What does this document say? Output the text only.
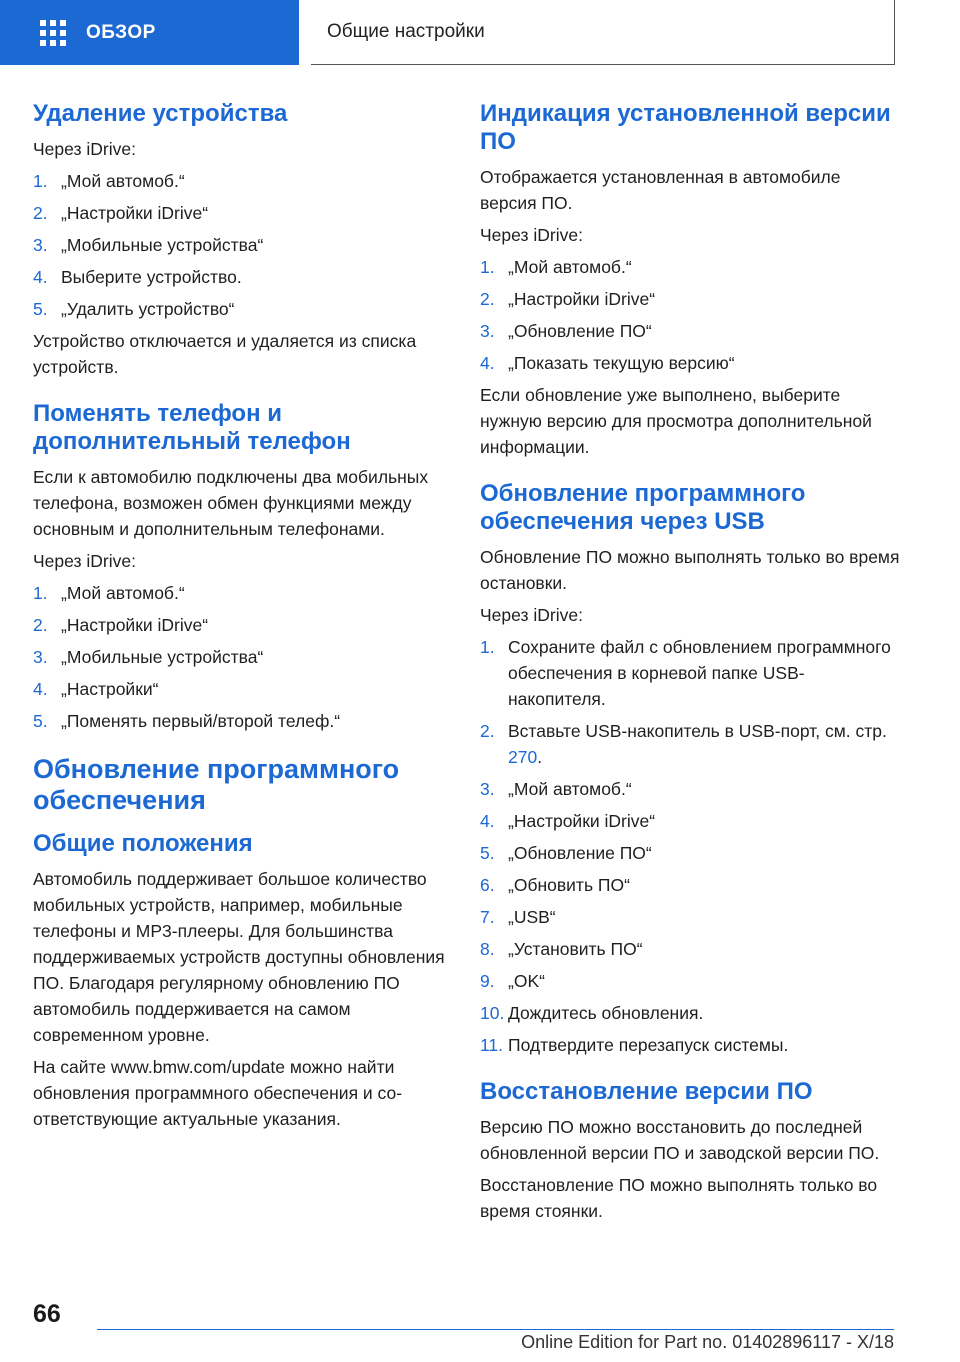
ОБЗОР	Общие настройки
Удаление устройства

Через iDrive:

1. „Мой автомоб.“
2. „Настройки iDrive“
3. „Мобильные устройства“
4. Выберите устройство.
5. „Удалить устройство“

Устройство отключается и удаляется из списка устройств.

Поменять телефон и дополнительный телефон

Если к автомобилю подключены два мобильных телефона, возможен обмен функциями между основным и дополнительным телефонами.

Через iDrive:

1. „Мой автомоб.“
2. „Настройки iDrive“
3. „Мобильные устройства“
4. „Настройки“
5. „Поменять первый/второй телеф.“
Обновление программного обеспечения
Общие положения

Автомобиль поддерживает большое количество мобильных устройств, например, мобильные телефоны и MP3-плееры. Для большинства поддерживаемых устройств доступны обновления ПО. Благодаря регулярному обновлению ПО автомобиль поддерживается на самом современном уровне.

На сайте www.bmw.com/update можно найти обновления программного обеспечения и соответствующие актуальные указания.

Индикация установленной версии ПО

Отображается установленная в автомобиле версия ПО.

Через iDrive:

1. „Мой автомоб.“
2. „Настройки iDrive“
3. „Обновление ПО“
4. „Показать текущую версию“

Если обновление уже выполнено, выберите нужную версию для просмотра дополнительной информации.

Обновление программного обеспечения через USB

Обновление ПО можно выполнять только во время остановки.

Через iDrive:

1. Сохраните файл с обновлением программного обеспечения в корневой папке USB-накопителя.
2. Вставьте USB-накопитель в USB-порт, см. стр. 270.
3. „Мой автомоб.“
4. „Настройки iDrive“
5. „Обновление ПО“
6. „Обновить ПО“
7. „USB“
8. „Установить ПО“
9. „OK“
10. Дождитесь обновления.
11. Подтвердите перезапуск системы.
Восстановление версии ПО

Версию ПО можно восстановить до последней обновленной версии ПО и заводской версии ПО.

Восстановление ПО можно выполнять только во время стоянки.

66
Online Edition for Part no. 01402896117 - X/18
